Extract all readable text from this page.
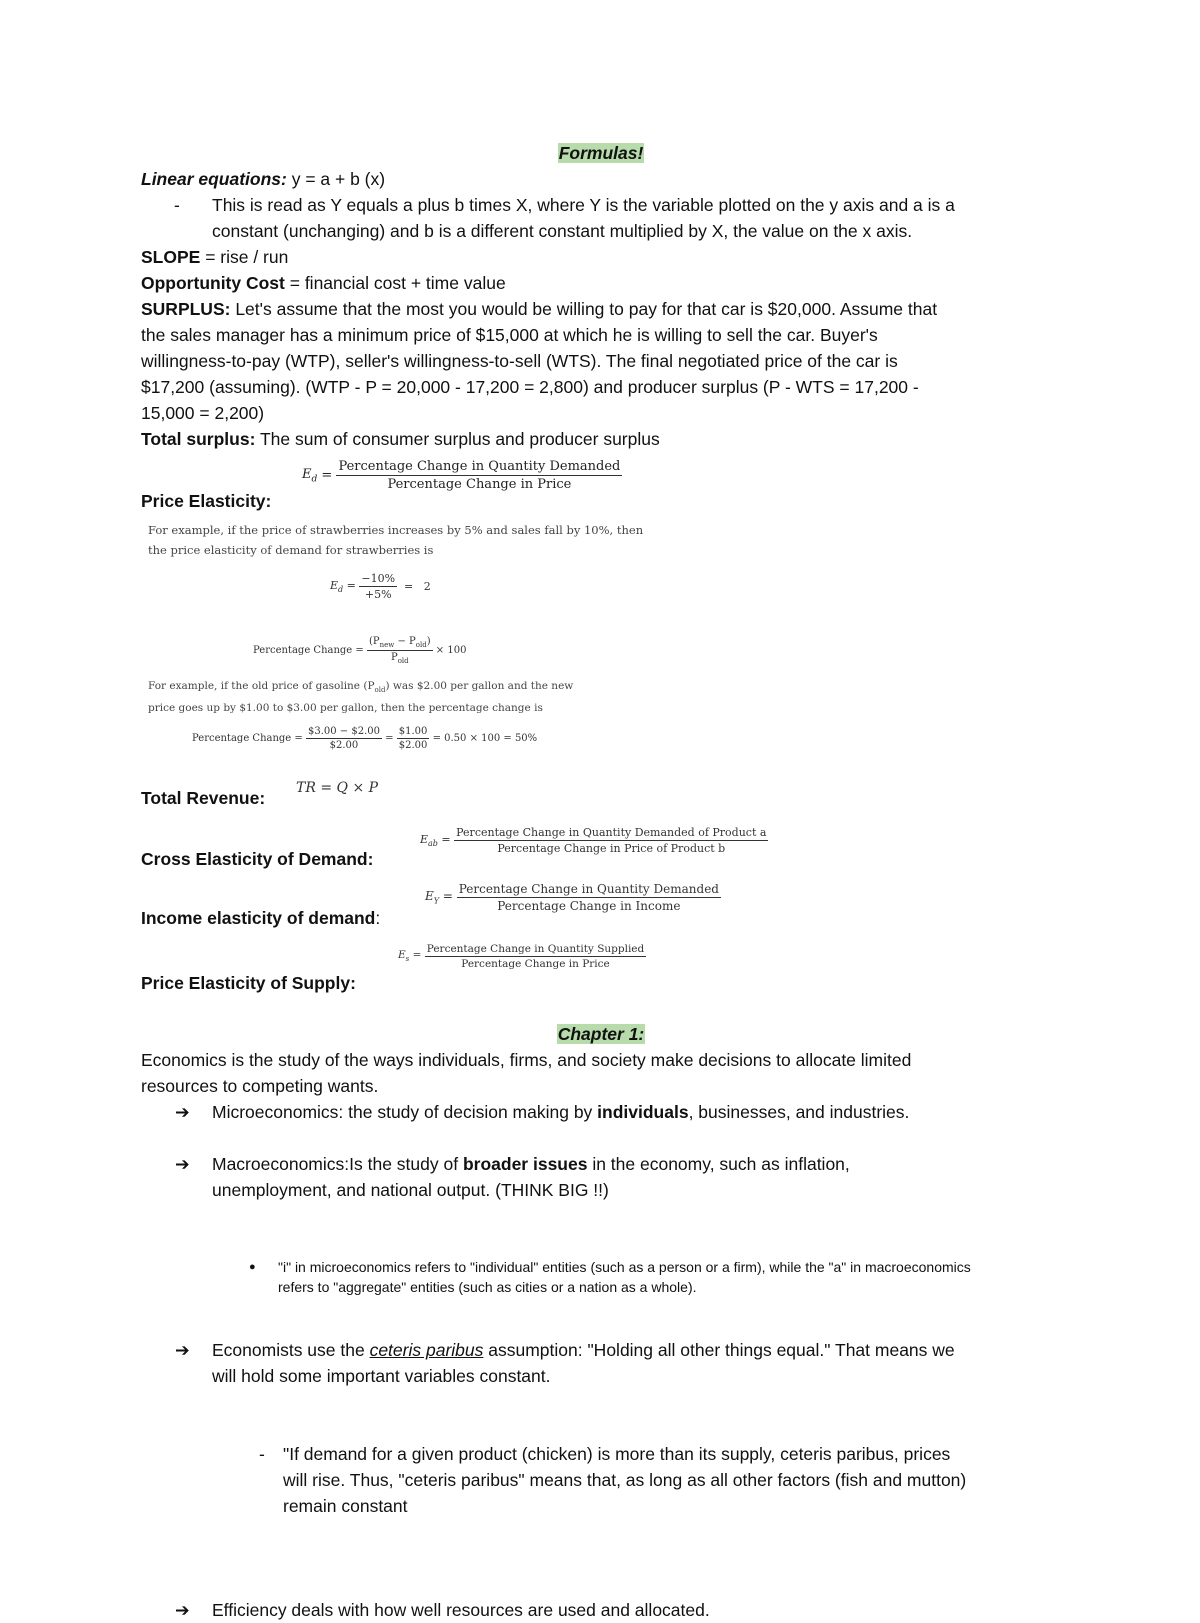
Formulas!
Linear equations: y = a + b (x)
- This is read as Y equals a plus b times X, where Y is the variable plotted on the y axis and a is a
constant (unchanging) and b is a different constant multiplied by X, the value on the x axis.
SLOPE = rise / run
Opportunity Cost = financial cost + time value
SURPLUS: Let's assume that the most you would be willing to pay for that car is $20,000. Assume that
the sales manager has a minimum price of $15,000 at which he is willing to sell the car. Buyer's
willingness-to-pay (WTP), seller's willingness-to-sell (WTS). The final negotiated price of the car is
$17,200 (assuming). (WTP - P = 20,000 - 17,200 = 2,800) and producer surplus (P - WTS = 17,200 -
15,000 = 2,200)
Total surplus: The sum of consumer surplus and producer surplus
$E_d = \frac{\text{Percentage Change in Quantity Demanded}}{\text{Percentage Change in Price}}$
Price Elasticity:
For example, if the price of strawberries increases by 5% and sales fall by 10%, then
the price elasticity of demand for strawberries is
$E_d = \frac{-10\%}{+5\%} = 2$
Percentage Change = $\frac{(P_{new} - P_{old})}{P_{old}} \times 100$
For example, if the old price of gasoline $(P_{old})$ was $2.00 per gallon and the new
price goes up by $1.00 to $3.00 per gallon, then the percentage change is
Percentage Change = $\frac{\$3.00 - \$2.00}{\$2.00} = \frac{\$1.00}{\$2.00} = 0.50 \times 100 = 50\%$
Total Revenue: TR = Q × P
$E_{ab} = \frac{\text{Percentage Change in Quantity Demanded of Product a}}{\text{Percentage Change in Price of Product b}}$
Cross Elasticity of Demand:
$E_Y = \frac{\text{Percentage Change in Quantity Demanded}}{\text{Percentage Change in Income}}$
Income elasticity of demand:
$E_s = \frac{\text{Percentage Change in Quantity Supplied}}{\text{Percentage Change in Price}}$
Price Elasticity of Supply:
Chapter 1:
Economics is the study of the ways individuals, firms, and society make decisions to allocate limited
resources to competing wants.
➔ Microeconomics: the study of decision making by individuals, businesses, and industries.
➔ Macroeconomics:Is the study of broader issues in the economy, such as inflation,
unemployment, and national output. (THINK BIG !!)
● "i" in microeconomics refers to "individual" entities (such as a person or a firm), while the "a" in macroeconomics
refers to "aggregate" entities (such as cities or a nation as a whole).
➔ Economists use the ceteris paribus assumption: "Holding all other things equal." That means we
will hold some important variables constant.
- "If demand for a given product (chicken) is more than its supply, ceteris paribus, prices
will rise. Thus, "ceteris paribus" means that, as long as all other factors (fish and mutton)
remain constant
➔ Efficiency deals with how well resources are used and allocated.
